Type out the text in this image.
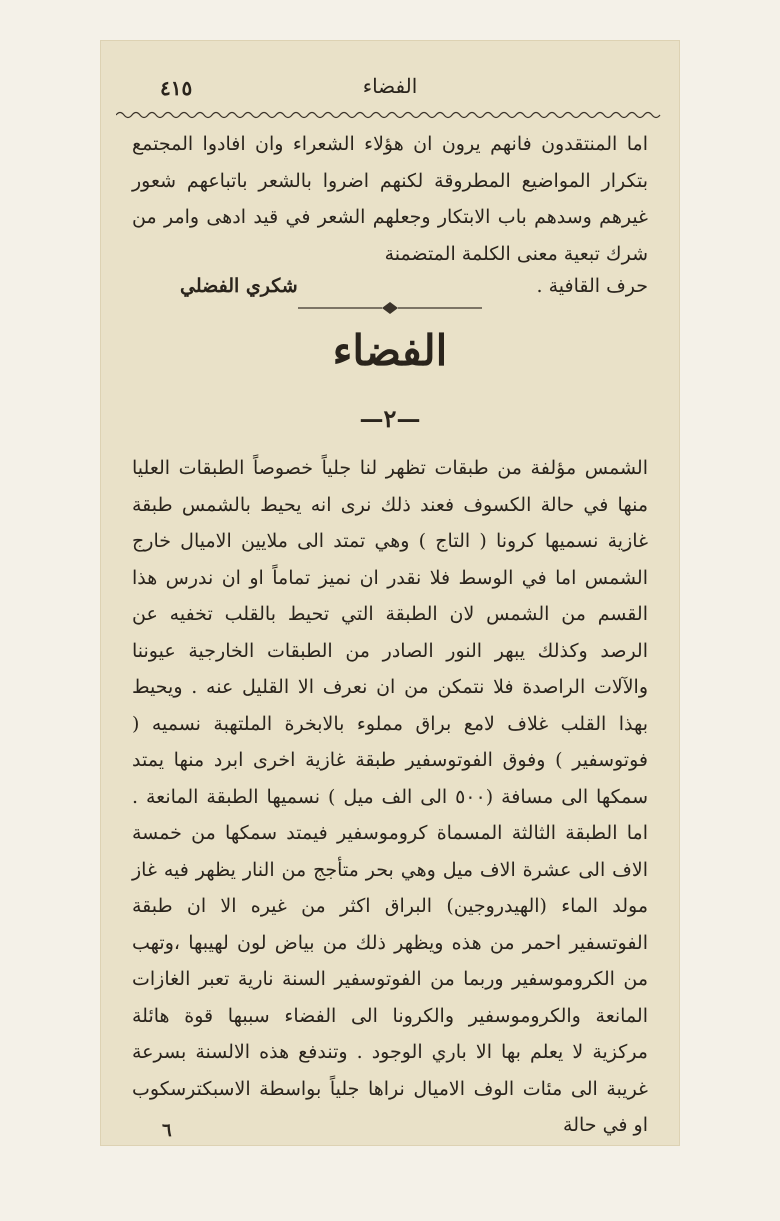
٤١٥	الفضاء
اما المنتقدون فانهم يرون ان هؤلاء الشعراء وان افادوا المجتمع بتكرار المواضيع المطروقة لكنهم اضروا بالشعر باتباعهم شعور غيرهم وسدهم باب الابتكار وجعلهم الشعر في قيد ادهى وامر من شرك تبعية معنى الكلمة المتضمنة
حرف القافية .
شكري الفضلي
الفضاء
—٢—
الشمس مؤلفة من طبقات تظهر لنا جلياً خصوصاً الطبقات العليا منها في حالة الكسوف فعند ذلك نرى انه يحيط بالشمس طبقة غازية نسميها كرونا ( التاج ) وهي تمتد الى ملايين الاميال خارج الشمس اما في الوسط فلا نقدر ان نميز تماماً او ان ندرس هذا القسم من الشمس لان الطبقة التي تحيط بالقلب تخفيه عن الرصد وكذلك يبهر النور الصادر من الطبقات الخارجية عيوننا والآلات الراصدة فلا نتمكن من ان نعرف الا القليل عنه . ويحيط بهذا القلب غلاف لامع براق مملوء بالابخرة الملتهبة نسميه ( فوتوسفير ) وفوق الفوتوسفير طبقة غازية اخرى ابرد منها يمتد سمكها الى مسافة (٥٠٠ الى الف ميل ) نسميها الطبقة المانعة . اما الطبقة الثالثة المسماة كروموسفير فيمتد سمكها من خمسة الاف الى عشرة الاف ميل وهي بحر متأجج من النار يظهر فيه غاز مولد الماء (الهيدروجين) البراق اكثر من غيره الا ان طبقة الفوتسفير احمر من هذه ويظهر ذلك من بياض لون لهيبها ،وتهب من الكروموسفير وربما من الفوتوسفير السنة نارية تعبر الغازات المانعة والكروموسفير والكرونا الى الفضاء سببها قوة هائلة مركزية لا يعلم بها الا باري الوجود . وتندفع هذه الالسنة بسرعة غريبة الى مئات الوف الاميال نراها جلياً بواسطة الاسبكترسكوب او في حالة
٦
